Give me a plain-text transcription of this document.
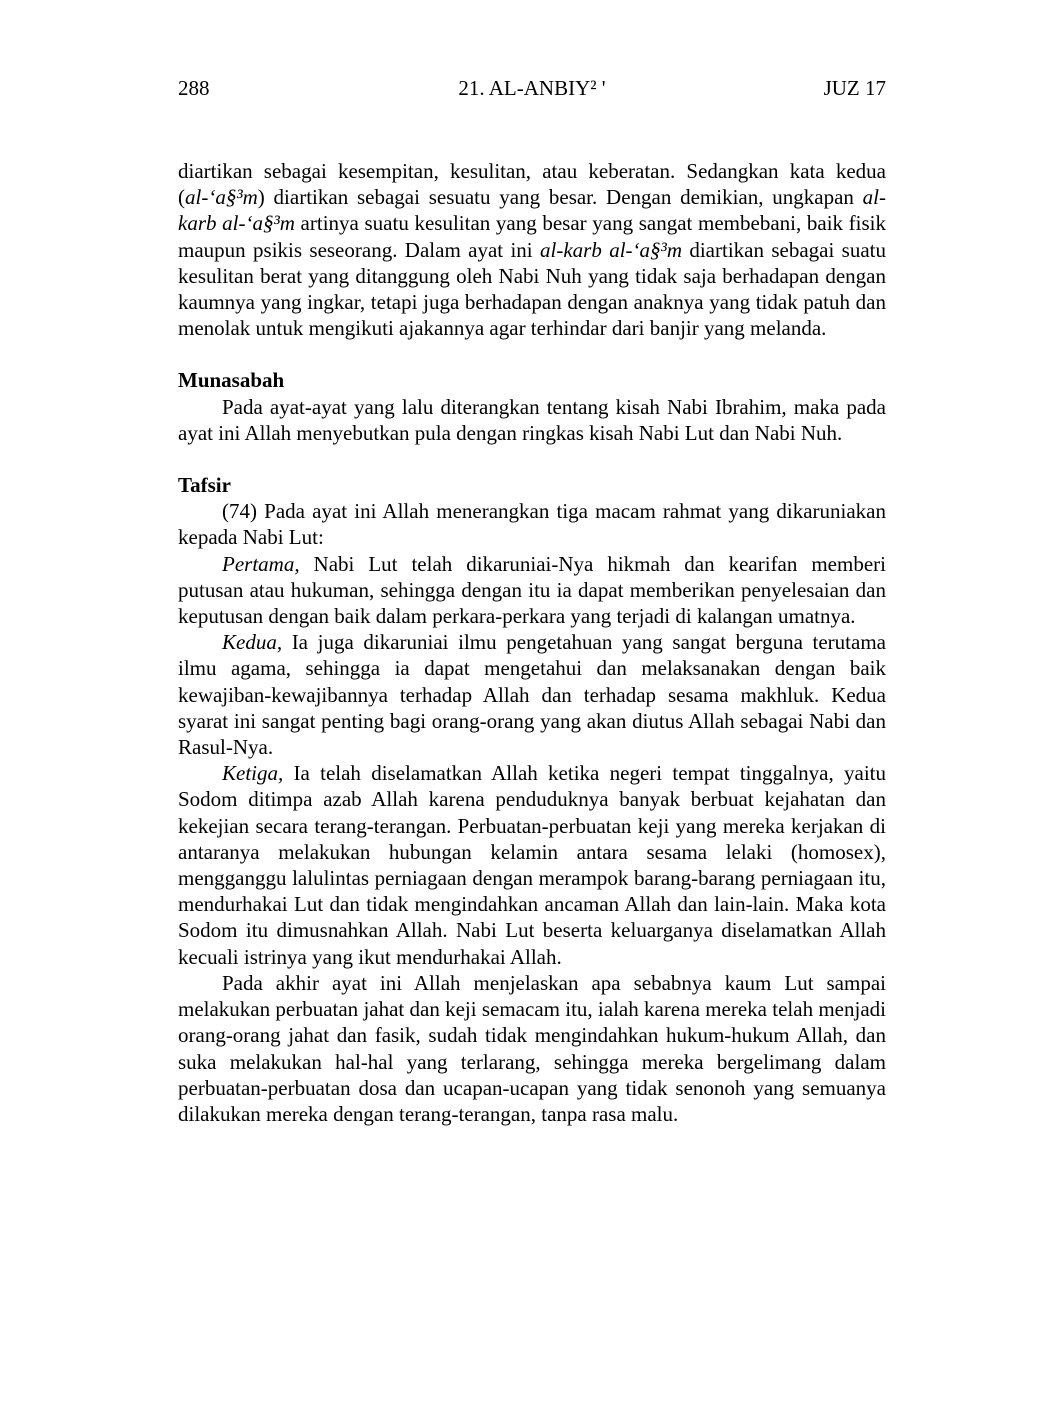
288	21. AL-ANBIY² '	JUZ 17

diartikan sebagai kesempitan, kesulitan, atau keberatan. Sedangkan kata kedua (al-‘a§³m) diartikan sebagai sesuatu yang besar. Dengan demikian, ungkapan al-karb al-‘a§³m artinya suatu kesulitan yang besar yang sangat membebani, baik fisik maupun psikis seseorang. Dalam ayat ini al-karb al-‘a§³m diartikan sebagai suatu kesulitan berat yang ditanggung oleh Nabi Nuh yang tidak saja berhadapan dengan kaumnya yang ingkar, tetapi juga berhadapan dengan anaknya yang tidak patuh dan menolak untuk mengikuti ajakannya agar terhindar dari banjir yang melanda.

Munasabah

Pada ayat-ayat yang lalu diterangkan tentang kisah Nabi Ibrahim, maka pada ayat ini Allah menyebutkan pula dengan ringkas kisah Nabi Lut dan Nabi Nuh.

Tafsir

(74) Pada ayat ini Allah menerangkan tiga macam rahmat yang dikaruniakan kepada Nabi Lut:

Pertama, Nabi Lut telah dikaruniai-Nya hikmah dan kearifan memberi putusan atau hukuman, sehingga dengan itu ia dapat memberikan penyelesaian dan keputusan dengan baik dalam perkara-perkara yang terjadi di kalangan umatnya.

Kedua, Ia juga dikaruniai ilmu pengetahuan yang sangat berguna terutama ilmu agama, sehingga ia dapat mengetahui dan melaksanakan dengan baik kewajiban-kewajibannya terhadap Allah dan terhadap sesama makhluk. Kedua syarat ini sangat penting bagi orang-orang yang akan diutus Allah sebagai Nabi dan Rasul-Nya.

Ketiga, Ia telah diselamatkan Allah ketika negeri tempat tinggalnya, yaitu Sodom ditimpa azab Allah karena penduduknya banyak berbuat kejahatan dan kekejian secara terang-terangan. Perbuatan-perbuatan keji yang mereka kerjakan di antaranya melakukan hubungan kelamin antara sesama lelaki (homosex), mengganggu lalulintas perniagaan dengan merampok barang-barang perniagaan itu, mendurhakai Lut dan tidak mengindahkan ancaman Allah dan lain-lain. Maka kota Sodom itu dimusnahkan Allah. Nabi Lut beserta keluarganya diselamatkan Allah kecuali istrinya yang ikut mendurhakai Allah.

Pada akhir ayat ini Allah menjelaskan apa sebabnya kaum Lut sampai melakukan perbuatan jahat dan keji semacam itu, ialah karena mereka telah menjadi orang-orang jahat dan fasik, sudah tidak mengindahkan hukum-hukum Allah, dan suka melakukan hal-hal yang terlarang, sehingga mereka bergelimang dalam perbuatan-perbuatan dosa dan ucapan-ucapan yang tidak senonoh yang semuanya dilakukan mereka dengan terang-terangan, tanpa rasa malu.
